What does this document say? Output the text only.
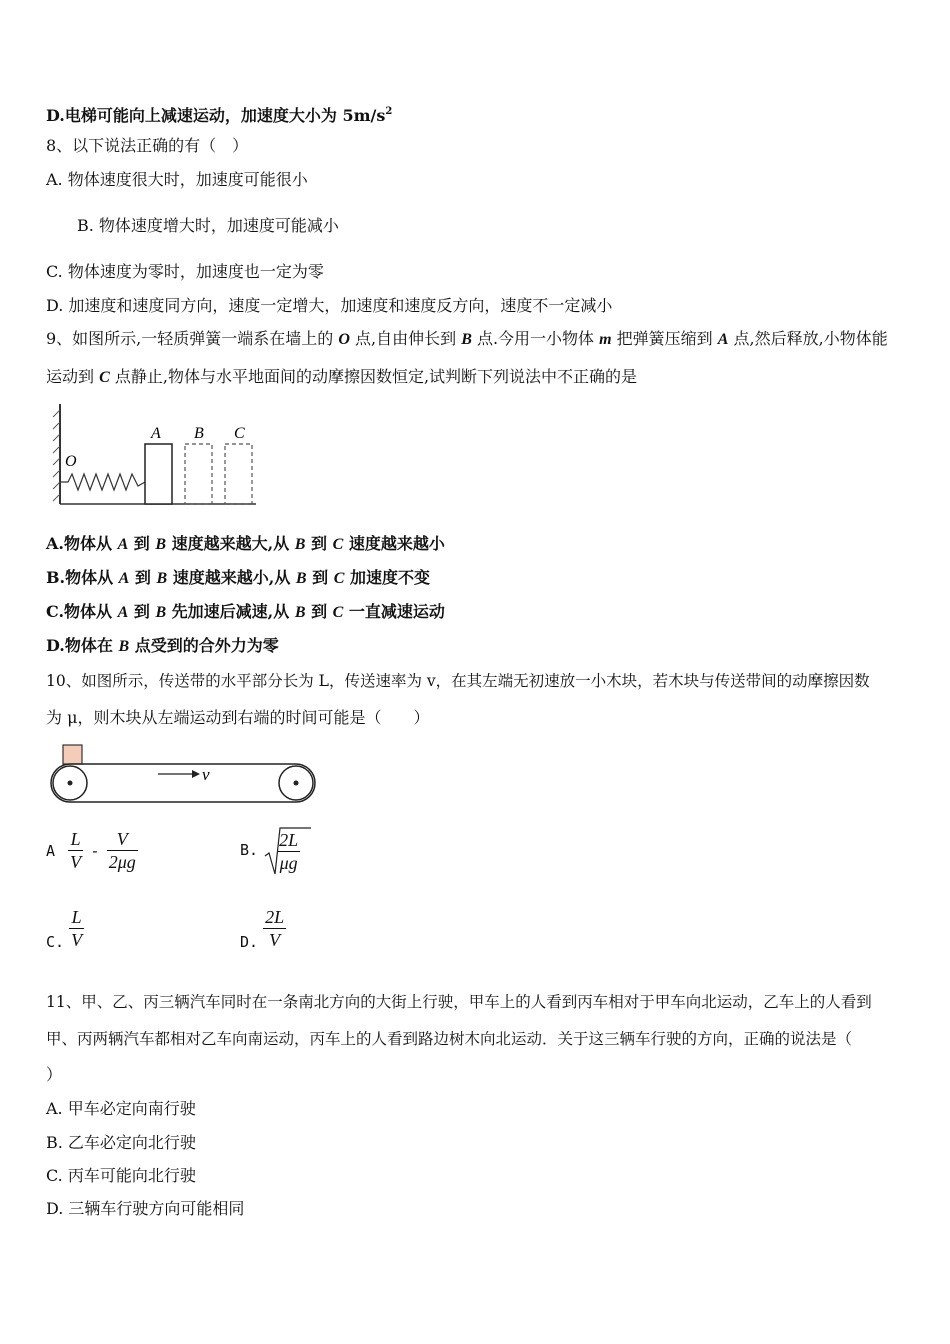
D.电梯可能向上减速运动，加速度大小为 $5m/s^2$
8、以下说法正确的有（　）
A. 物体速度很大时，加速度可能很小
B. 物体速度增大时，加速度可能减小
C. 物体速度为零时，加速度也一定为零
D. 加速度和速度同方向，速度一定增大，加速度和速度反方向，速度不一定减小
9、如图所示,一轻质弹簧一端系在墙上的 O 点,自由伸长到 B 点.今用一小物体 m 把弹簧压缩到 A 点,然后释放,小物体能
运动到 C 点静止,物体与水平地面间的动摩擦因数恒定,试判断下列说法中不正确的是
O
A B C
A.物体从 A 到 B 速度越来越大,从 B 到 C 速度越来越小
B.物体从 A 到 B 速度越来越小,从 B 到 C 加速度不变
C.物体从 A 到 B 先加速后减速,从 B 到 C 一直减速运动
D.物体在 B 点受到的合外力为零
10、如图所示，传送带的水平部分长为 L，传送速率为 v，在其左端无初速放一小木块，若木块与传送带间的动摩擦因数
为 μ，则木块从左端运动到右端的时间可能是（　　）
v
A $\frac{L}{V} - \frac{V}{2\mu g}$	B. $\frac{2L}{\mu g}$
C. $\frac{L}{V}$	D. $\frac{2L}{V}$
11、甲、乙、丙三辆汽车同时在一条南北方向的大街上行驶，甲车上的人看到丙车相对于甲车向北运动，乙车上的人看到
甲、丙两辆汽车都相对乙车向南运动，丙车上的人看到路边树木向北运动．关于这三辆车行驶的方向，正确的说法是（
）
A. 甲车必定向南行驶
B. 乙车必定向北行驶
C. 丙车可能向北行驶
D. 三辆车行驶方向可能相同
